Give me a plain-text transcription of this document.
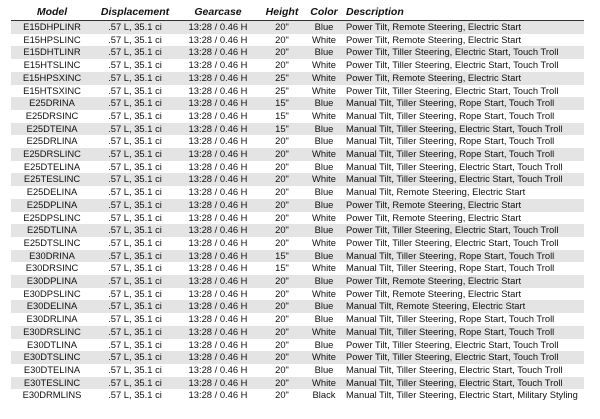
Model	Displacement	Gearcase	Height	Color	Description
E15DHPLINR	.57 L, 35.1 ci	13:28 / 0.46 H	20"	Blue	Power Tilt, Remote Steering, Electric Start
E15HPSLINC	.57 L, 35.1 ci	13:28 / 0.46 H	20"	White	Power Tilt, Remote Steering, Electric Start
E15DHTLINR	.57 L, 35.1 ci	13:28 / 0.46 H	20"	Blue	Power Tilt, Tiller Steering, Electric Start, Touch Troll
E15HTSLINC	.57 L, 35.1 ci	13:28 / 0.46 H	20"	White	Power Tilt, Tiller Steering, Electric Start, Touch Troll
E15HPSXINC	.57 L, 35.1 ci	13:28 / 0.46 H	25"	White	Power Tilt, Remote Steering, Electric Start
E15HTSXINC	.57 L, 35.1 ci	13:28 / 0.46 H	25"	White	Power Tilt, Tiller Steering, Electric Start, Touch Troll
E25DRINA	.57 L, 35.1 ci	13:28 / 0.46 H	15"	Blue	Manual Tilt, Tiller Steering, Rope Start, Touch Troll
E25DRSINC	.57 L, 35.1 ci	13:28 / 0.46 H	15"	White	Manual Tilt, Tiller Steering, Rope Start, Touch Troll
E25DTEINA	.57 L, 35.1 ci	13:28 / 0.46 H	15"	Blue	Manual Tilt, Tiller Steering, Electric Start, Touch Troll
E25DRLINA	.57 L, 35.1 ci	13:28 / 0.46 H	20"	Blue	Manual Tilt, Tiller Steering, Rope Start, Touch Troll
E25DRSLINC	.57 L, 35.1 ci	13:28 / 0.46 H	20"	White	Manual Tilt, Tiller Steering, Rope Start, Touch Troll
E25DTELINA	.57 L, 35.1 ci	13:28 / 0.46 H	20"	Blue	Manual Tilt, Tiller Steering, Electric Start, Touch Troll
E25TESLINC	.57 L, 35.1 ci	13:28 / 0.46 H	20"	White	Manual Tilt, Tiller Steering, Electric Start, Touch Troll
E25DELINA	.57 L, 35.1 ci	13:28 / 0.46 H	20"	Blue	Manual Tilt, Remote Steering, Electric Start
E25DPLINA	.57 L, 35.1 ci	13:28 / 0.46 H	20"	Blue	Power Tilt, Remote Steering, Electric Start
E25DPSLINC	.57 L, 35.1 ci	13:28 / 0.46 H	20"	White	Power Tilt, Remote Steering, Electric Start
E25DTLINA	.57 L, 35.1 ci	13:28 / 0.46 H	20"	Blue	Power Tilt, Tiller Steering, Electric Start, Touch Troll
E25DTSLINC	.57 L, 35.1 ci	13:28 / 0.46 H	20"	White	Power Tilt, Tiller Steering, Electric Start, Touch Troll
E30DRINA	.57 L, 35.1 ci	13:28 / 0.46 H	15"	Blue	Manual Tilt, Tiller Steering, Rope Start, Touch Troll
E30DRSINC	.57 L, 35.1 ci	13:28 / 0.46 H	15"	White	Manual Tilt, Tiller Steering, Rope Start, Touch Troll
E30DPLINA	.57 L, 35.1 ci	13:28 / 0.46 H	20"	Blue	Power Tilt, Remote Steering, Electric Start
E30DPSLINC	.57 L, 35.1 ci	13:28 / 0.46 H	20"	White	Power Tilt, Remote Steering, Electric Start
E30DELINA	.57 L, 35.1 ci	13:28 / 0.46 H	20"	Blue	Manual Tilt, Remote Steering, Electric Start
E30DRLINA	.57 L, 35.1 ci	13:28 / 0.46 H	20"	Blue	Manual Tilt, Tiller Steering, Rope Start, Touch Troll
E30DRSLINC	.57 L, 35.1 ci	13:28 / 0.46 H	20"	White	Manual Tilt, Tiller Steering, Rope Start, Touch Troll
E30DTLINA	.57 L, 35.1 ci	13:28 / 0.46 H	20"	Blue	Power Tilt, Tiller Steering, Electric Start, Touch Troll
E30DTSLINC	.57 L, 35.1 ci	13:28 / 0.46 H	20"	White	Power Tilt, Tiller Steering, Electric Start, Touch Troll
E30DTELINA	.57 L, 35.1 ci	13:28 / 0.46 H	20"	Blue	Manual Tilt, Tiller Steering, Electric Start, Touch Troll
E30TESLINC	.57 L, 35.1 ci	13:28 / 0.46 H	20"	White	Manual Tilt, Tiller Steering, Electric Start, Touch Troll
E30DRMLINS	.57 L, 35.1 ci	13:28 / 0.46 H	20"	Black	Manual Tilt, Tiller Steering, Electric Start, Military Styling
